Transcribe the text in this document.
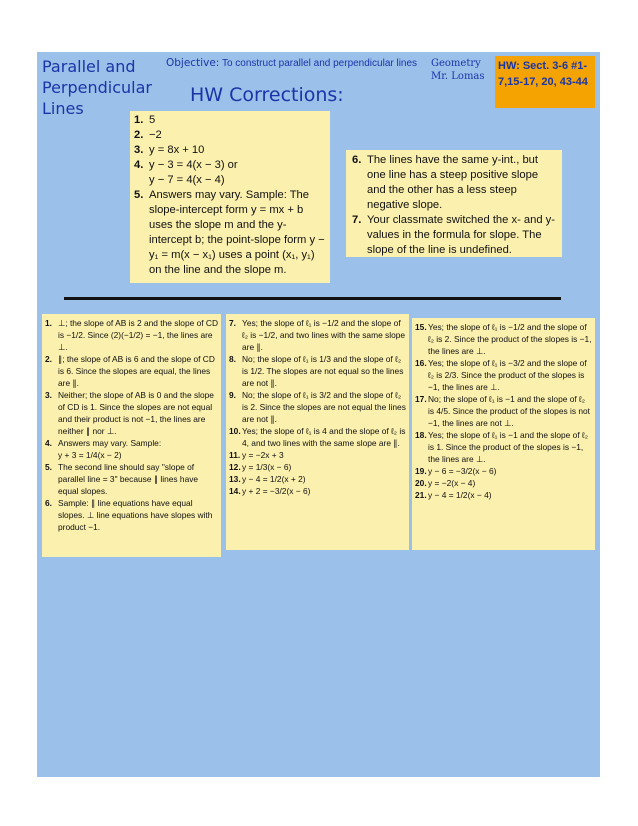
Parallel and Perpendicular Lines
Objective: To construct parallel and perpendicular lines Geometry
Mr. Lomas
HW: Sect. 3-6 #1-7,15-17, 20, 43-44
HW Corrections:
1. 5
2. −2
3. y = 8x + 10
4. y − 3 = 4(x − 3) or
y − 7 = 4(x − 4)
5. Answers may vary. Sample: The slope-intercept form y = mx + b uses the slope m and the y-intercept b; the point-slope form y − y₁ = m(x − x₁) uses a point (x₁, y₁) on the line and the slope m.
6. The lines have the same y-int., but one line has a steep positive slope and the other has a less steep negative slope.
7. Your classmate switched the x- and y-values in the formula for slope. The slope of the line is undefined.
1. ⊥; the slope of AB is 2 and the slope of CD is −1/2. Since (2)(−1/2) = −1, the lines are ⊥.
2. ∥; the slope of AB is 6 and the slope of CD is 6. Since the slopes are equal, the lines are ∥.
3. Neither; the slope of AB is 0 and the slope of CD is 1. Since the slopes are not equal and their product is not −1, the lines are neither ∥ nor ⊥.
4. Answers may vary. Sample:
y + 3 = 1/4(x − 2)
5. The second line should say "slope of parallel line = 3" because ∥ lines have equal slopes.
6. Sample: ∥ line equations have equal slopes. ⊥ line equations have slopes with product −1.
7. Yes; the slope of ℓ₁ is −1/2 and the slope of ℓ₂ is −1/2, and two lines with the same slope are ∥.
8. No; the slope of ℓ₁ is 1/3 and the slope of ℓ₂ is 1/2. The slopes are not equal so the lines are not ∥.
9. No; the slope of ℓ₁ is 3/2 and the slope of ℓ₂ is 2. Since the slopes are not equal the lines are not ∥.
10. Yes; the slope of ℓ₁ is 4 and the slope of ℓ₂ is 4, and two lines with the same slope are ∥.
11. y = −2x + 3
12. y = 1/3(x − 6)
13. y − 4 = 1/2(x + 2)
14. y + 2 = −3/2(x − 6)
15. Yes; the slope of ℓ₁ is −1/2 and the slope of ℓ₂ is 2. Since the product of the slopes is −1, the lines are ⊥.
16. Yes; the slope of ℓ₁ is −3/2 and the slope of ℓ₂ is 2/3. Since the product of the slopes is −1, the lines are ⊥.
17. No; the slope of ℓ₁ is −1 and the slope of ℓ₂ is 4/5. Since the product of the slopes is not −1, the lines are not ⊥.
18. Yes; the slope of ℓ₁ is −1 and the slope of ℓ₂ is 1. Since the product of the slopes is −1, the lines are ⊥.
19. y − 6 = −3/2(x − 6)
20. y = −2(x − 4)
21. y − 4 = 1/2(x − 4)
